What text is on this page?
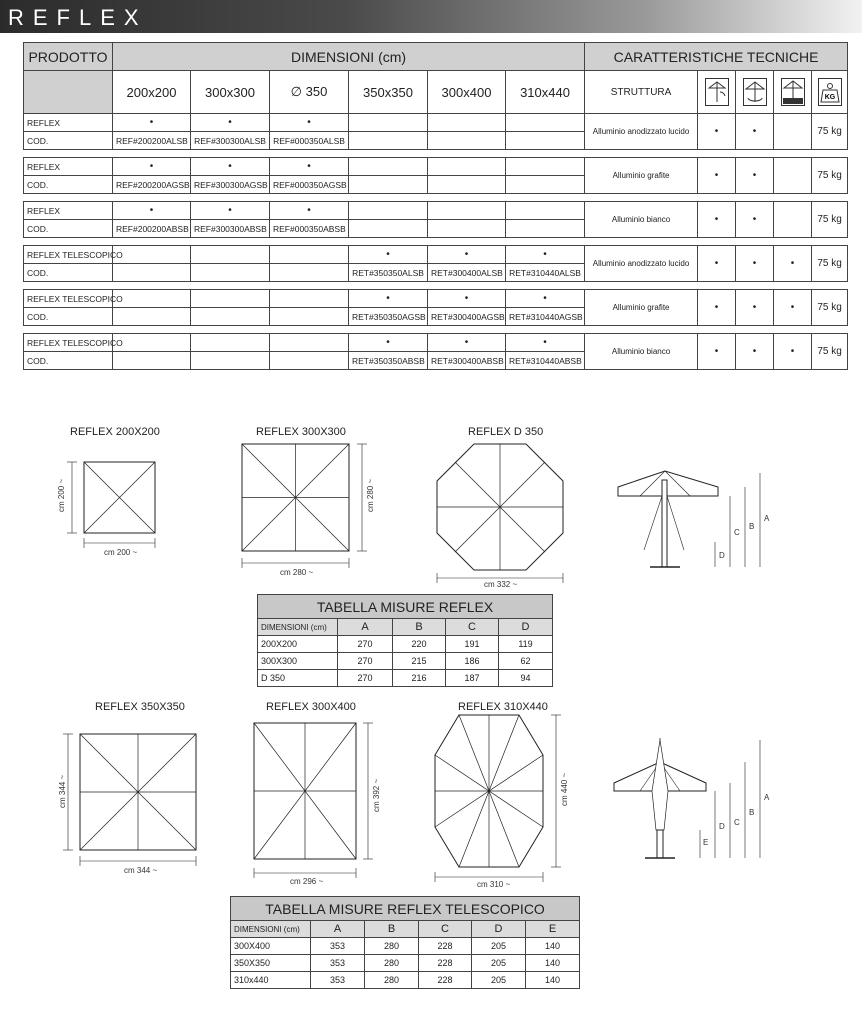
REFLEX
PRODOTTO	DIMENSIONI (cm)						CARATTERISTICHE TECNICHE				
	200x200	300x300	∅ 350	350x350	300x400	310x440	STRUTTURA				KG

REFLEX	•	•	•				Alluminio anodizzato lucido	•	•		75 kg
COD.	REF#200200ALSB	REF#300300ALSB	REF#000350ALSB								

REFLEX	•	•	•				Alluminio grafite	•	•		75 kg
COD.	REF#200200AGSB	REF#300300AGSB	REF#000350AGSB								

REFLEX	•	•	•				Alluminio bianco	•	•		75 kg
COD.	REF#200200ABSB	REF#300300ABSB	REF#000350ABSB								

REFLEX TELESCOPICO				•	•	•	Alluminio anodizzato lucido	•	•	•	75 kg
COD.				RET#350350ALSB	RET#300400ALSB	RET#310440ALSB					

REFLEX TELESCOPICO				•	•	•	Alluminio grafite	•	•	•	75 kg
COD.				RET#350350AGSB	RET#300400AGSB	RET#310440AGSB					

REFLEX TELESCOPICO				•	•	•	Alluminio bianco	•	•	•	75 kg
COD.				RET#350350ABSB	RET#300400ABSB	RET#310440ABSB					
REFLEX 200X200	REFLEX 300X300	REFLEX D 350
cm 200 ~
cm 200 ~
cm 280 ~
cm 280 ~
cm 332 ~
A
B
C
D
TABELLA MISURE REFLEX				
DIMENSIONI (cm)	A	B	C	D
200X200	270	220	191	119
300X300	270	215	186	62
D 350	270	216	187	94
REFLEX 350X350	REFLEX 300X400	REFLEX 310X440
cm 344 ~
cm 344 ~
cm 296 ~
cm 392 ~
cm 310 ~
cm 440 ~	A
B
C
D
E
TABELLA MISURE REFLEX TELESCOPICO					
DIMENSIONI (cm)	A	B	C	D	E
300X400	353	280	228	205	140
350X350	353	280	228	205	140
310x440	353	280	228	205	140
